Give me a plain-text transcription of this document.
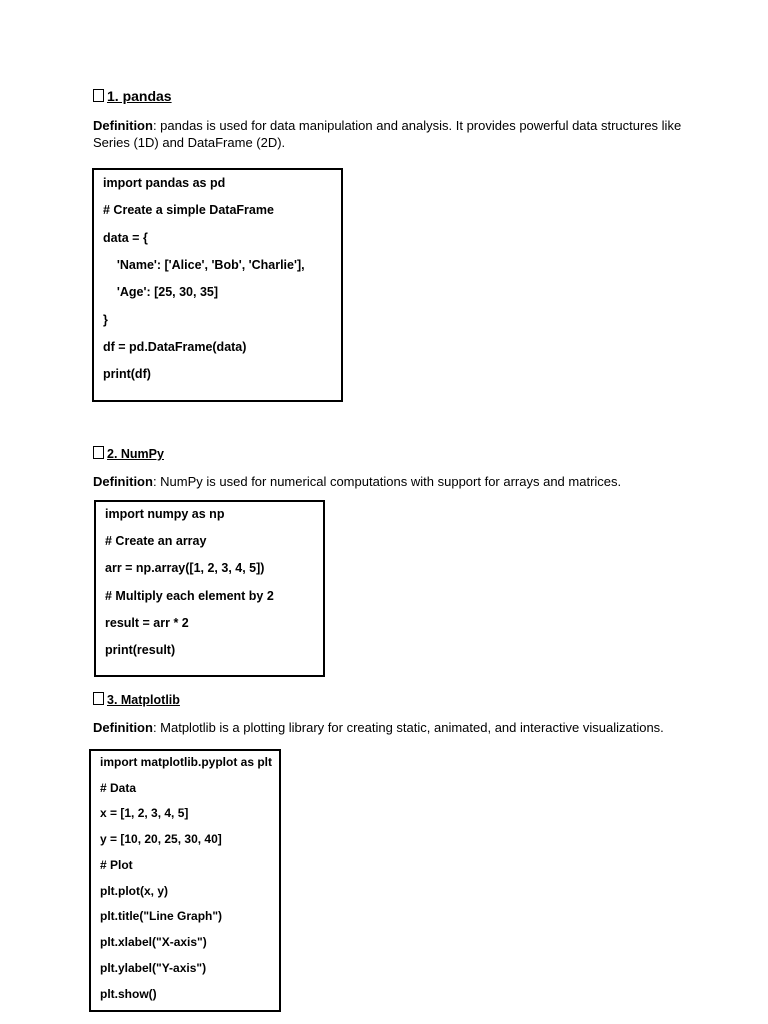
1. pandas
Definition: pandas is used for data manipulation and analysis. It provides powerful data structures like Series (1D) and DataFrame (2D).
import pandas as pd
# Create a simple DataFrame
data = {
'Name': ['Alice', 'Bob', 'Charlie'],
'Age': [25, 30, 35]
}
df = pd.DataFrame(data)
print(df)
2. NumPy
Definition: NumPy is used for numerical computations with support for arrays and matrices.
import numpy as np
# Create an array
arr = np.array([1, 2, 3, 4, 5])
# Multiply each element by 2
result = arr * 2
print(result)
3. Matplotlib
Definition: Matplotlib is a plotting library for creating static, animated, and interactive visualizations.
import matplotlib.pyplot as plt
# Data
x = [1, 2, 3, 4, 5]
y = [10, 20, 25, 30, 40]
# Plot
plt.plot(x, y)
plt.title("Line Graph")
plt.xlabel("X-axis")
plt.ylabel("Y-axis")
plt.show()
